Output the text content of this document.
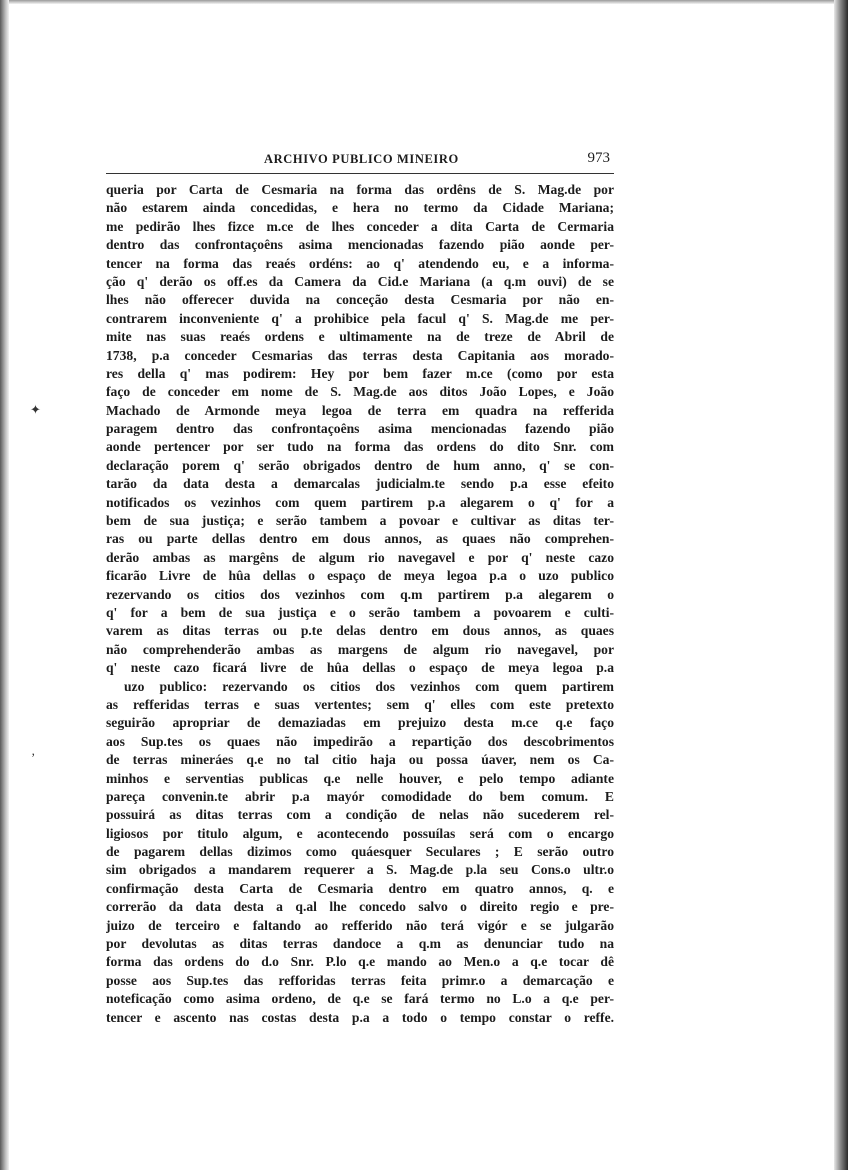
ARCHIVO PUBLICO MINEIRO	973
✦
ʼ
queria por Carta de Cesmaria na forma das ordêns de S. Mag.de por
não estarem ainda concedidas, e hera no termo da Cidade Mariana;
me pedirão lhes fizce m.ce de lhes conceder a dita Carta de Cermaria
dentro das confrontaçoêns asima mencionadas fazendo pião aonde per-
tencer na forma das reaés ordéns: ao q' atendendo eu, e a informa-
ção q' derão os off.es da Camera da Cid.e Mariana (a q.m ouvi) de se
lhes não offerecer duvida na conceção desta Cesmaria por não en-
contrarem inconveniente q' a prohibice pela facul q' S. Mag.de me per-
mite nas suas reaés ordens e ultimamente na de treze de Abril de
1738, p.a conceder Cesmarias das terras desta Capitania aos morado-
res della q' mas podirem: Hey por bem fazer m.ce (como por esta
faço de conceder em nome de S. Mag.de aos ditos João Lopes, e João
Machado de Armonde meya legoa de terra em quadra na refferida
paragem dentro das confrontaçoêns asima mencionadas fazendo pião
aonde pertencer por ser tudo na forma das ordens do dito Snr. com
declaração porem q' serão obrigados dentro de hum anno, q' se con-
tarão da data desta a demarcalas judicialm.te sendo p.a esse efeito
notificados os vezinhos com quem partirem p.a alegarem o q' for a
bem de sua justiça; e serão tambem a povoar e cultivar as ditas ter-
ras ou parte dellas dentro em dous annos, as quaes não comprehen-
derão ambas as margêns de algum rio navegavel e por q' neste cazo
ficarão Livre de hûa dellas o espaço de meya legoa p.a o uzo publico
rezervando os citios dos vezinhos com q.m partirem p.a alegarem o
q' for a bem de sua justiça e o serão tambem a povoarem e culti-
varem as ditas terras ou p.te delas dentro em dous annos, as quaes
não comprehenderão ambas as margens de algum rio navegavel, por
q' neste cazo ficará livre de hûa dellas o espaço de meya legoa p.a
uzo publico: rezervando os citios dos vezinhos com quem partirem
as refferidas terras e suas vertentes; sem q' elles com este pretexto
seguirão apropriar de demaziadas em prejuizo desta m.ce q.e faço
aos Sup.tes os quaes não impedirão a repartição dos descobrimentos
de terras mineráes q.e no tal citio haja ou possa úaver, nem os Ca-
minhos e serventias publicas q.e nelle houver, e pelo tempo adiante
pareça convenin.te abrir p.a mayór comodidade do bem comum. E
possuirá as ditas terras com a condição de nelas não sucederem rel-
ligiosos por titulo algum, e acontecendo possuílas será com o encargo
de pagarem dellas dizimos como quáesquer Seculares ; E serão outro
sim obrigados a mandarem requerer a S. Mag.de p.la seu Cons.o ultr.o
confirmação desta Carta de Cesmaria dentro em quatro annos, q. e
correrão da data desta a q.al lhe concedo salvo o direito regio e pre-
juizo de terceiro e faltando ao refferido não terá vigór e se julgarão
por devolutas as ditas terras dandoce a q.m as denunciar tudo na
forma das ordens do d.o Snr. P.lo q.e mando ao Men.o a q.e tocar dê
posse aos Sup.tes das refforidas terras feita primr.o a demarcação e
noteficação como asima ordeno, de q.e se fará termo no L.o a q.e per-
tencer e ascento nas costas desta p.a a todo o tempo constar o reffe.
